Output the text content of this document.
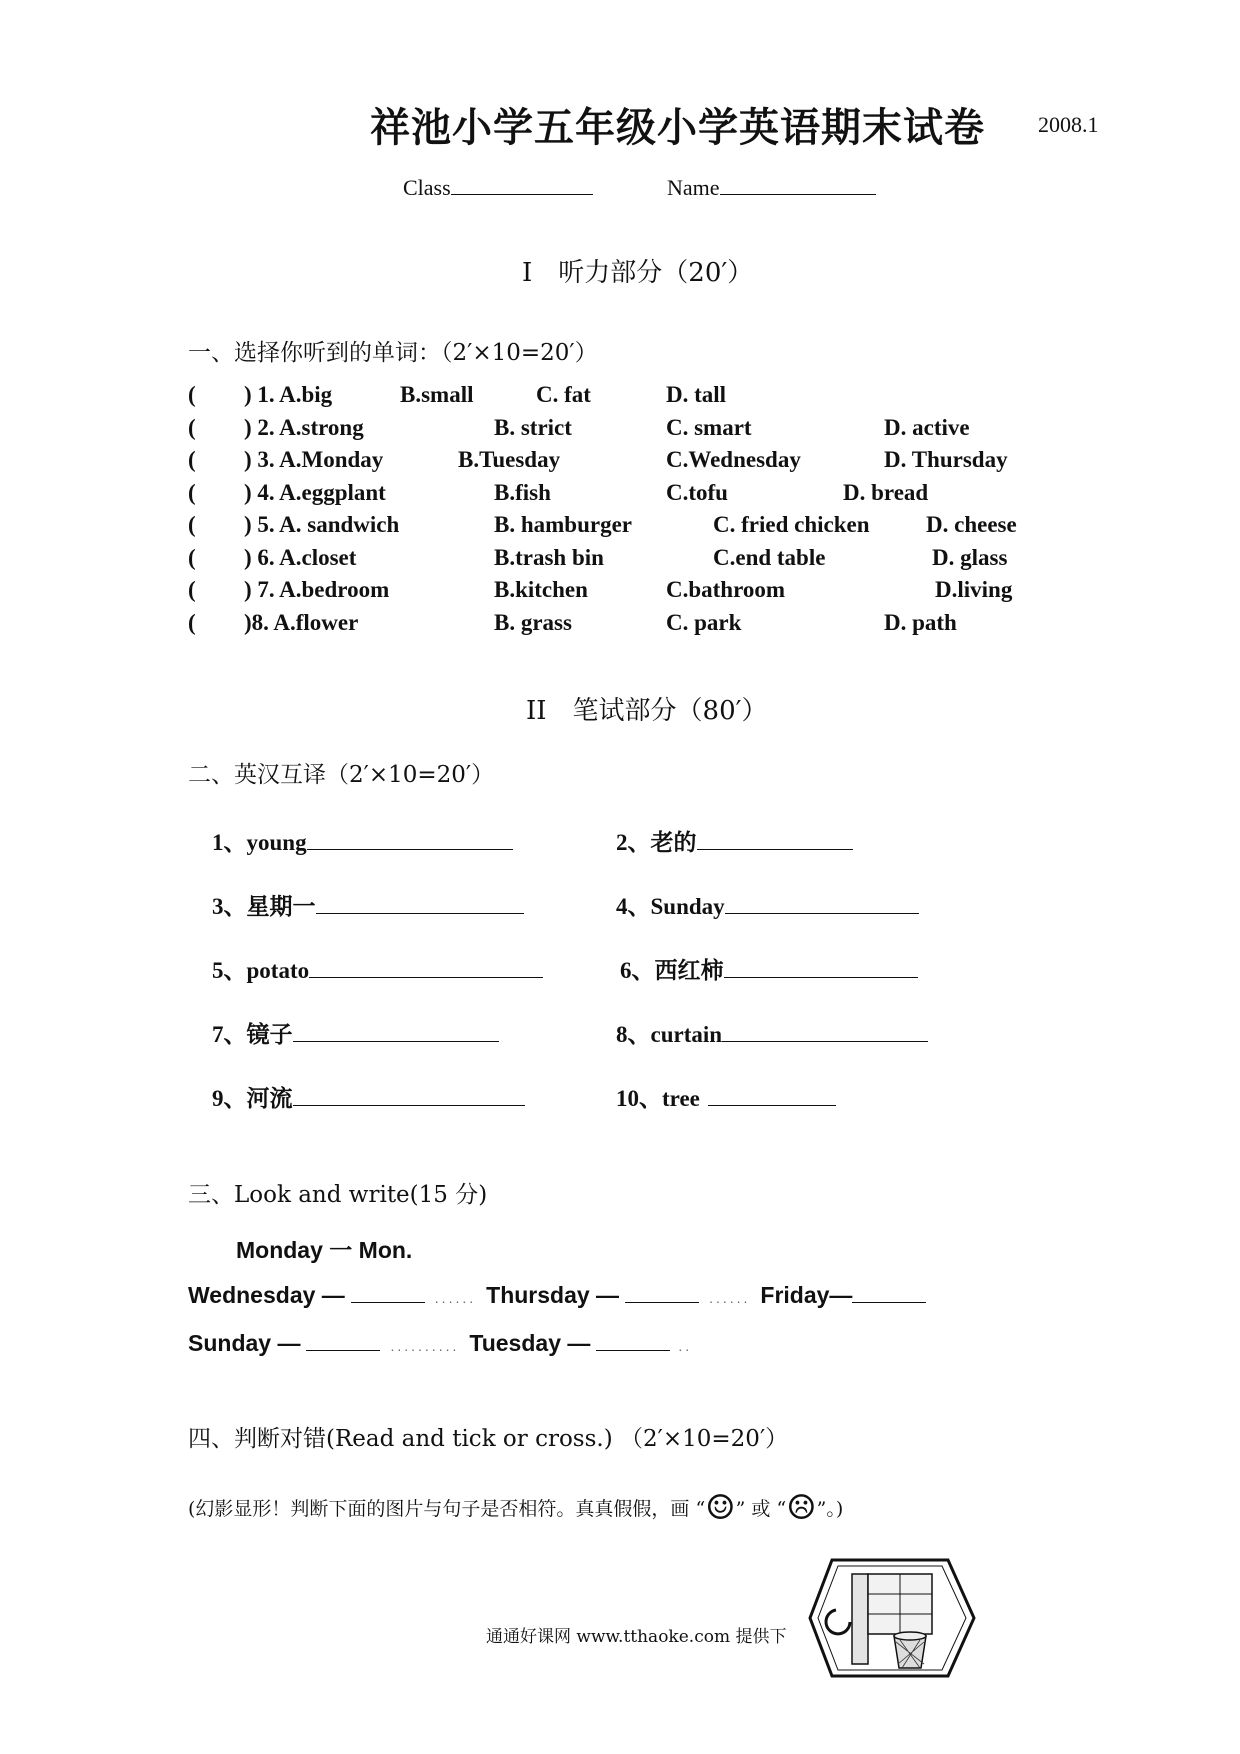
祥池小学五年级小学英语期末试卷 2008.1
Class	Name
I　听力部分（20′）
一、选择你听到的单词：（2′×10=20′）
( ) 1. A.big	B.small	C. fat	D. tall
( ) 2. A.strong	B. strict	C. smart	D. active
( ) 3. A.Monday	B.Tuesday	C.Wednesday	D. Thursday
( ) 4. A.eggplant	B.fish	C.tofu	D. bread
( ) 5. A. sandwich	B. hamburger	C. fried chicken D. cheese
( ) 6. A.closet	B.trash bin	C.end table	D. glass
( ) 7. A.bedroom	B.kitchen	C.bathroom	D.living
( )8. A.flower	B. grass	C. park	D. path
II　笔试部分（80′）
二、英汉互译（2′×10=20′）
1、young	2、老的
3、星期一	4、Sunday
5、potato	6、西红柿
7、镜子	8、curtain
9、河流	10、tree
三、Look and write(15 分)
Monday 一 Mon.
Wednesday —	...... Thursday —	...... Friday—
Sunday —	.......... Tuesday —	..
四、判断对错(Read and tick or cross.) （2′×10=20′）
(幻影显形！判断下面的图片与句子是否相符。真真假假，画 “☺” 或 “☹”。)
通通好课网 www.tthaoke.com 提供下
